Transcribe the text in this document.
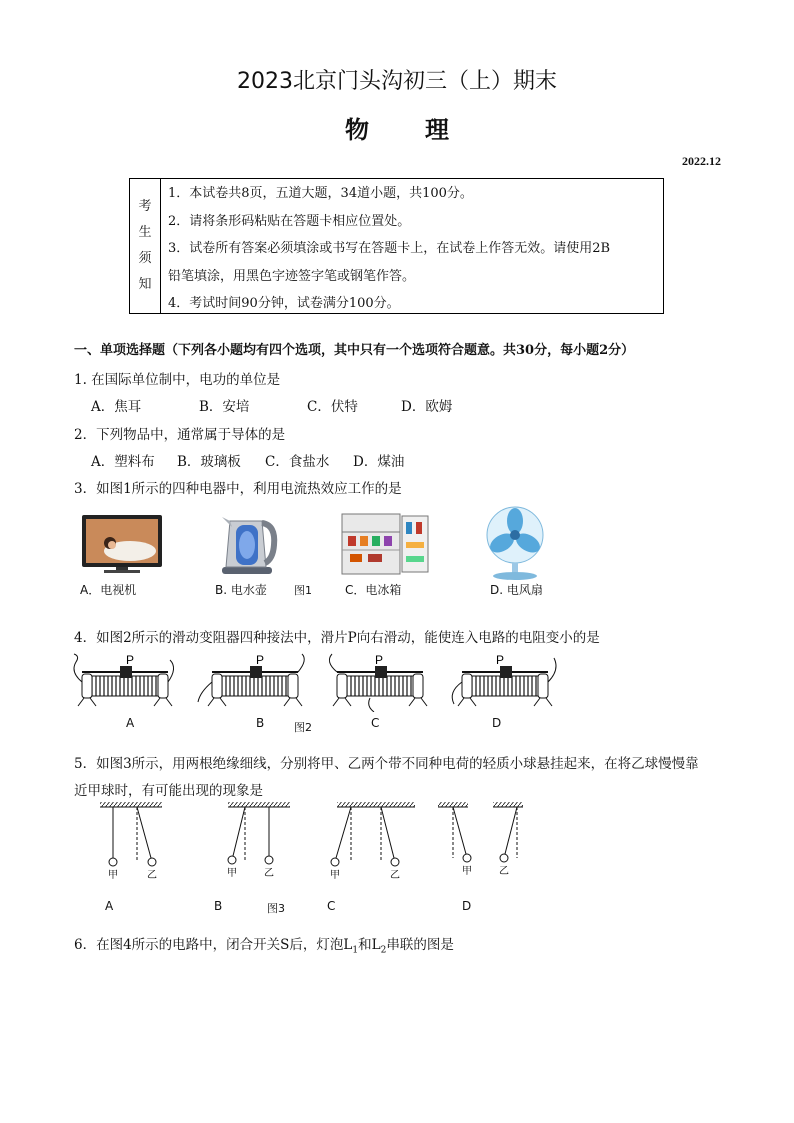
2023北京门头沟初三（上）期末
物理
2022.12
考
生
须
知
1．本试卷共8页，五道大题，34道小题，共100分。
2．请将条形码粘贴在答题卡相应位置处。
3．试卷所有答案必须填涂或书写在答题卡上，在试卷上作答无效。请使用2B
铅笔填涂，用黑色字迹签字笔或钢笔作答。
4．考试时间90分钟，试卷满分100分。
一、单项选择题（下列各小题均有四个选项，其中只有一个选项符合题意。共30分，每小题2分）
1. 在国际单位制中，电功的单位是
A．焦耳	B．安培	C．伏特	D．欧姆
2．下列物品中，通常属于导体的是
A．塑料布 B．玻璃板 C．食盐水 D．煤油
3．如图1所示的四种电器中，利用电流热效应工作的是
A．电视机	B. 电水壶 图1	C．电冰箱	D. 电风扇
4．如图2所示的滑动变阻器四种接法中，滑片P向右滑动，能使连入电路的电阻变小的是
P	P	P	P
A	B	图2	C	D
5．如图3所示，用两根绝缘细线，分别将甲、乙两个带不同种电荷的轻质小球悬挂起来，在将乙球慢慢靠
近甲球时，有可能出现的现象是
甲	乙	甲	乙	甲	乙	甲	乙
A	B	图3	C	D
6．在图4所示的电路中，闭合开关S后，灯泡$L_1$和$L_2$串联的图是
